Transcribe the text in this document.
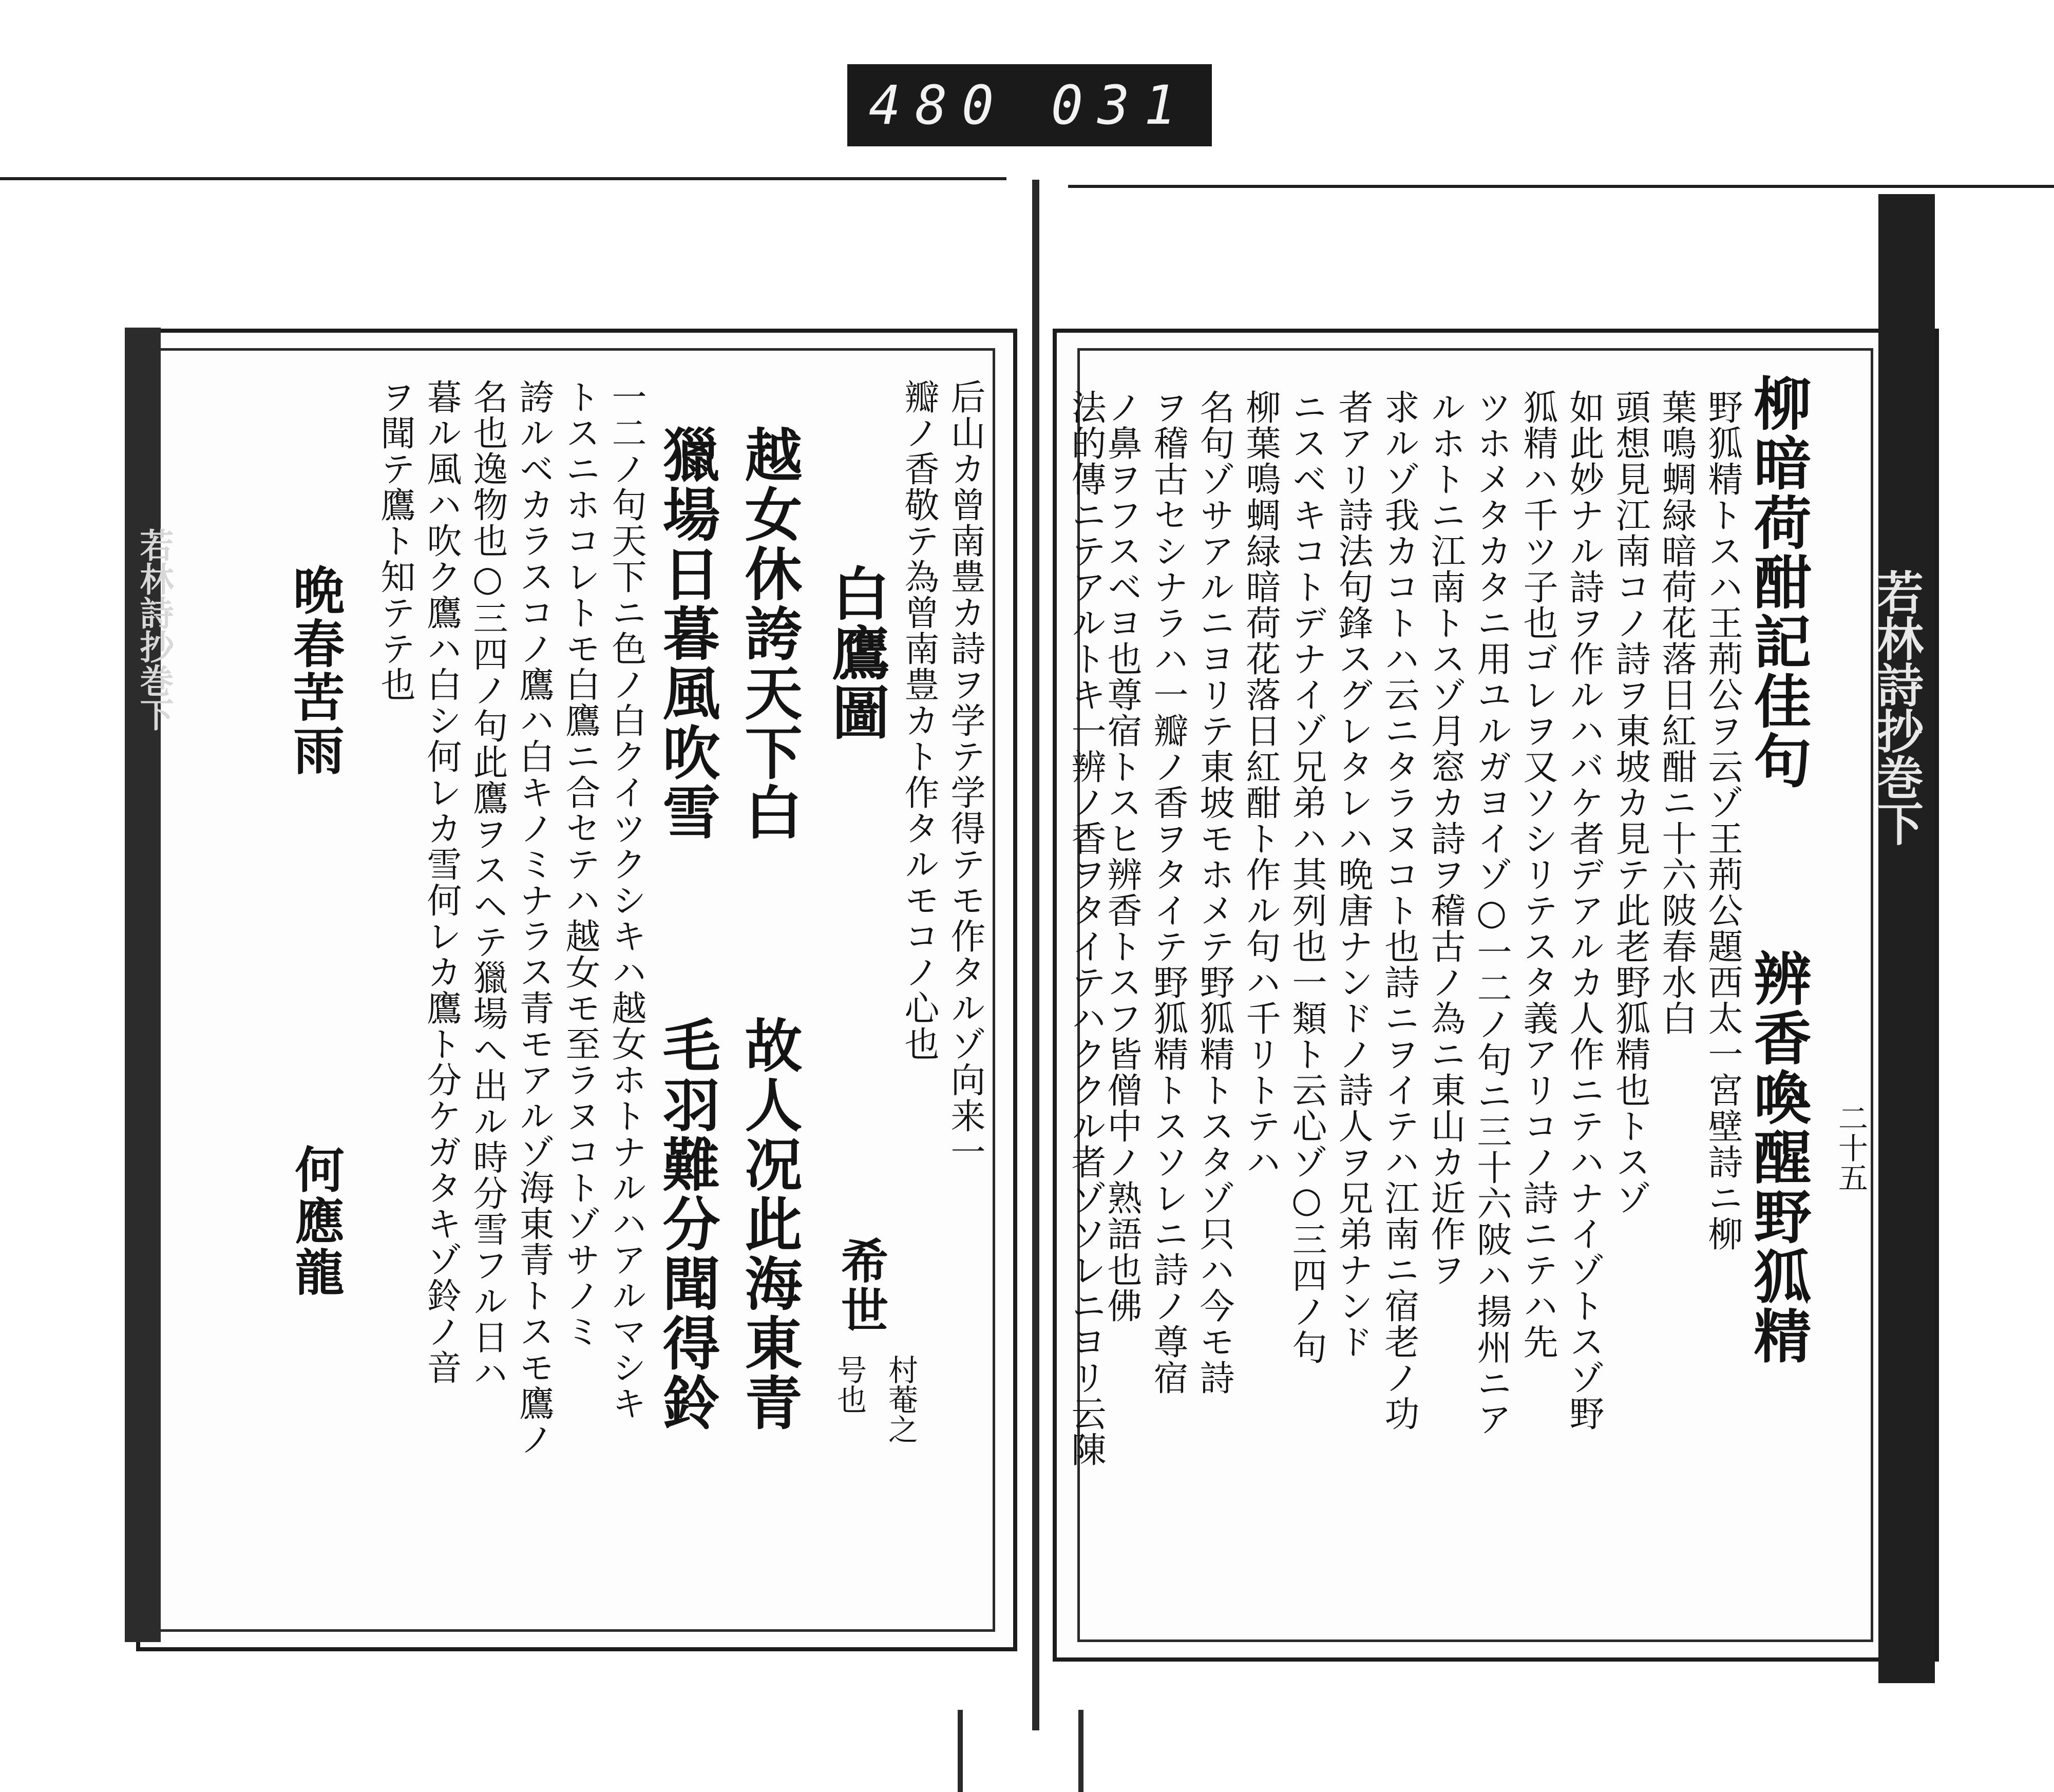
480 031
若林詩抄巻下
二十五
柳暗荷酣記佳句
辨香喚醒野狐精
野狐精トスハ王荊公ヲ云ゾ王荊公題西太一宮壁詩ニ柳
葉鳴蜩緑暗荷花落日紅酣ニ十六陂春水白
頭想見江南コノ詩ヲ東坡カ見テ此老野狐精也トスゾ
如此妙ナル詩ヲ作ルハバケ者デアルカ人作ニテハナイゾトスゾ野
狐精ハ千ツ子也ゴレヲ又ソシリテスタ義アリコノ詩ニテハ先
ツホメタカタニ用ユルガヨイゾ○一二ノ句ニ三十六陂ハ揚州ニア
ルホトニ江南トスゾ月窓カ詩ヲ稽古ノ為ニ東山カ近作ヲ
求ルゾ我カコトハ云ニタラヌコト也詩ニヲイテハ江南ニ宿老ノ功
者アリ詩法句鋒スグレタレハ晩唐ナンドノ詩人ヲ兄弟ナンド
ニスベキコトデナイゾ兄弟ハ其列也一類ト云心ゾ○三四ノ句
柳葉鳴蜩緑暗荷花落日紅酣ト作ル句ハ千リトテハ
名句ゾサアルニヨリテ東坡モホメテ野狐精トスタゾ只ハ今モ詩
ヲ稽古セシナラハ一瓣ノ香ヲタイテ野狐精トスソレニ詩ノ尊宿
ノ鼻ヲフスベヨ也尊宿トスヒ辨香トスフ皆僧中ノ熟語也佛
法的傳ニテアルトキ一辨ノ香ヲタイテハククル者ゾソレニヨリ云陳
若林詩抄巻下	后山カ曾南豊カ詩ヲ学テ学得テモ作タルゾ向来一
瓣ノ香敬テ為曾南豊カト作タルモコノ心也
白鷹圖
希世
村菴之
号也
越女休誇天下白
獵場日暮風吹雪
故人况此海東青
毛羽難分聞得鈴
一二ノ句天下ニ色ノ白クイツクシキハ越女ホトナルハアルマシキ
トスニホコレトモ白鷹ニ合セテハ越女モ至ラヌコトゾサノミ
誇ルベカラスコノ鷹ハ白キノミナラス青モアルゾ海東青トスモ鷹ノ
名也逸物也○三四ノ句此鷹ヲスヘテ獵場へ出ル時分雪フル日ハ
暮ル風ハ吹ク鷹ハ白シ何レカ雪何レカ鷹ト分ケガタキゾ鈴ノ音
ヲ聞テ鷹ト知テテ也
晩春苦雨
何應龍
